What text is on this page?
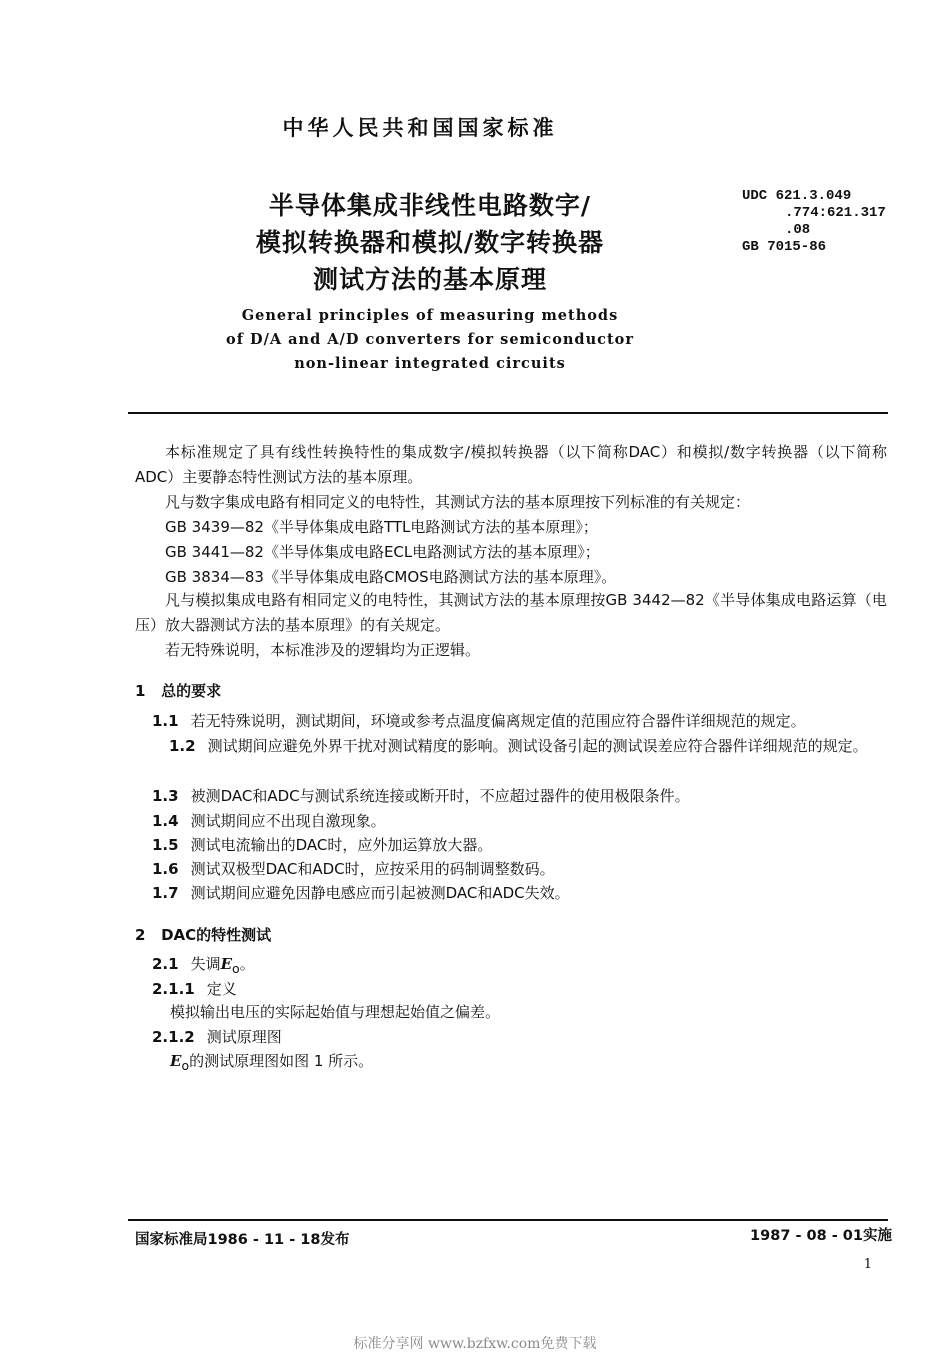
中华人民共和国国家标准
半导体集成非线性电路数字/
模拟转换器和模拟/数字转换器
测试方法的基本原理
General principles of measuring methods
of D/A and A/D converters for semiconductor
non-linear integrated circuits
UDC 621.3.049
.774:621.317
.08
GB 7015-86
本标准规定了具有线性转换特性的集成数字/模拟转换器（以下简称DAC）和模拟/数字转换器（以下简称ADC）主要静态特性测试方法的基本原理。
凡与数字集成电路有相同定义的电特性，其测试方法的基本原理按下列标准的有关规定：
GB 3439—82《半导体集成电路TTL电路测试方法的基本原理》；
GB 3441—82《半导体集成电路ECL电路测试方法的基本原理》；
GB 3834—83《半导体集成电路CMOS电路测试方法的基本原理》。
凡与模拟集成电路有相同定义的电特性，其测试方法的基本原理按GB 3442—82《半导体集成电路运算（电压）放大器测试方法的基本原理》的有关规定。
若无特殊说明，本标准涉及的逻辑均为正逻辑。
1 总的要求
1.1 若无特殊说明，测试期间，环境或参考点温度偏离规定值的范围应符合器件详细规范的规定。
1.2 测试期间应避免外界干扰对测试精度的影响。测试设备引起的测试误差应符合器件详细规范的规定。
1.3 被测DAC和ADC与测试系统连接或断开时，不应超过器件的使用极限条件。
1.4 测试期间应不出现自激现象。
1.5 测试电流输出的DAC时，应外加运算放大器。
1.6 测试双极型DAC和ADC时，应按采用的码制调整数码。
1.7 测试期间应避免因静电感应而引起被测DAC和ADC失效。
2 DAC的特性测试
2.1 失调$E_o$。
2.1.1 定义
模拟输出电压的实际起始值与理想起始值之偏差。
2.1.2 测试原理图
$E_o$的测试原理图如图 1 所示。
国家标准局1986 - 11 - 18发布	1987 - 08 - 01实施
1
标准分享网 www.bzfxw.com免费下载
